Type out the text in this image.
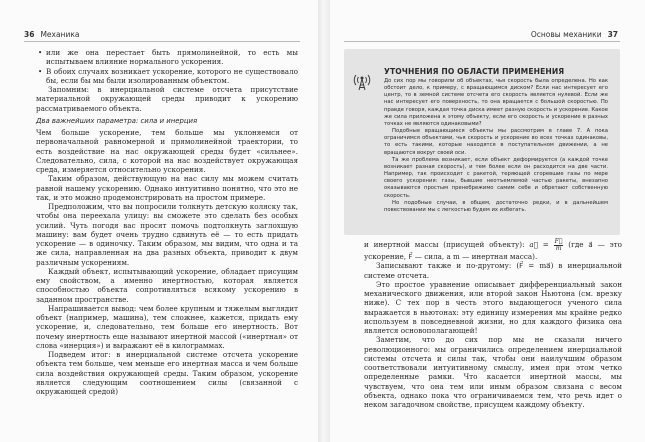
36 Механика
• или же она перестает быть прямолинейной, то есть мы испытываем влияние нормального ускорения.
• В обоих случаях возникает ускорение, которого не существовало бы, если бы мы были изолированным объектом.

Запомним: в инерциальной системе отсчета присутствие материальной окружающей среды приводит к ускорению рассматриваемого объекта.

Два важнейших параметра: сила и инерция

Чем больше ускорение, тем больше мы уклоняемся от первоначальной равномерной и прямолинейной траектории, то есть воздействие на нас окружающей среды будет «сильнее». Следовательно, сила, с которой на нас воздействует окружающая среда, измеряется относительно ускорения.

Таким образом, действующую на нас силу мы можем считать равной нашему ускорению. Однако интуитивно понятно, что это не так, и это можно продемонстрировать на простом примере.

Предположим, что вы попросили толкнуть детскую коляску так, чтобы она переехала улицу: вы сможете это сделать без особых усилий. Чуть погодя вас просят помочь подтолкнуть заглохшую машину: вам будет очень трудно сдвинуть её — то есть придать ускорение — в одиночку. Таким образом, мы видим, что одна и та же сила, направленная на два разных объекта, приводит к двум различным ускорениям.

Каждый объект, испытывающий ускорение, обладает присущим ему свойством, а именно инертностью, которая является способностью объекта сопротивляться всякому ускорению в заданном пространстве.

Напрашивается вывод: чем более крупным и тяжелым выглядит объект (например, машина), тем сложнее, кажется, придать ему ускорение, и, следовательно, тем больше его инертность. Вот почему инертность еще называют инертной массой («инертная» от слова «инерция») и выражают её в килограммах.

Подведем итог: в инерциальной системе отсчета ускорение объекта тем больше, чем меньше его инертная масса и чем больше сила воздействия окружающей среды. Таким образом, ускорение является следующим соотношением силы (связанной с окружающей средой)

Основы механики 37
УТОЧНЕНИЯ ПО ОБЛАСТИ ПРИМЕНЕНИЯ

До сих пор мы говорили об объектах, чья скорость была определена. Но как обстоит дело, к примеру, с вращающимся диском? Если нас интересует его центр, то в земной системе отсчета его скорость является нулевой. Если же нас интересует его поверхность, то она вращается с большой скоростью. По правде говоря, каждая точка диска имеет разную скорость и ускорение. Какое же сила приложена к этому объекту, если его скорость и ускорение в разных точках не являются одинаковыми?

Подобные вращающиеся объекты мы рассмотрим в главе 7. А пока ограничимся объектами, чья скорость и ускорение во всех точках одинаковы, то есть такими, которые находятся в поступательном движении, а не вращаются вокруг своей оси.

Та же проблема возникает, если объект деформируется (а каждой точке возникает разная скорость), и тем более если он расходится на две части. Например, так происходит с ракетой, теряющей сгоревшие газы по мере своего ускорения: газы, бывшие неотъемлемой частью ракеты, внезапно оказываются простым пренебрежимо самим себе и обретают собственную скорость.

Но подобные случаи, в общем, достаточно редки, и в дальнейшем повествовании мы с легкостью будем их избегать.

и инертной массы (присущей объекту): a⃗ = $\frac{F⃗}{m} (где$ a⃗ — это ускорение, F⃗ — сила, а m — инертная масса).

Записывают также и по-другому: (F⃗ = ma⃗) в инерциальной системе отсчета.

Это простое уравнение описывает дифференциальный закон механического движения, или второй закон Ньютона (см. врезку ниже). С тех пор в честь этого выдающегося ученого сила выражается в ньютонах: эту единицу измерения мы крайне редко используем в повседневной жизни, но для каждого физика она является основополагающей!

Заметим, что до сих пор мы не сказали ничего революционного: мы ограничились определением инерциальной системы отсчета и силы так, чтобы они наилучшим образом соответствовали интуитивному смыслу, имея при этом четко определенные рамки. Что касается инертной массы, мы чувствуем, что она тем или иным образом связана с весом объекта, однако пока что ограничиваемся тем, что речь идет о неком загадочном свойстве, присущем каждому объекту.
